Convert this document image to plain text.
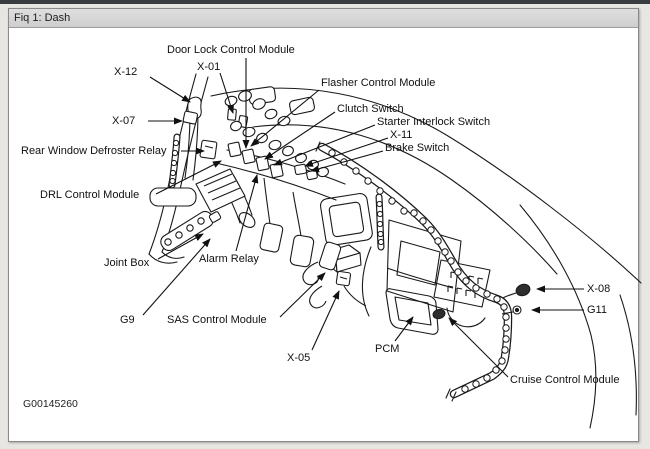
Fiq 1: Dash
G00145260
Door Lock Control Module
X-01
X-12
X-07
Rear Window Defroster Relay
DRL Control Module
Joint Box	Alarm Relay
G9	SAS Control Module
X-05
PCM
Cruise Control Module
X-08
G11
Flasher Control Module
Clutch Switch
Starter Interlock Switch
X-11
Brake Switch
